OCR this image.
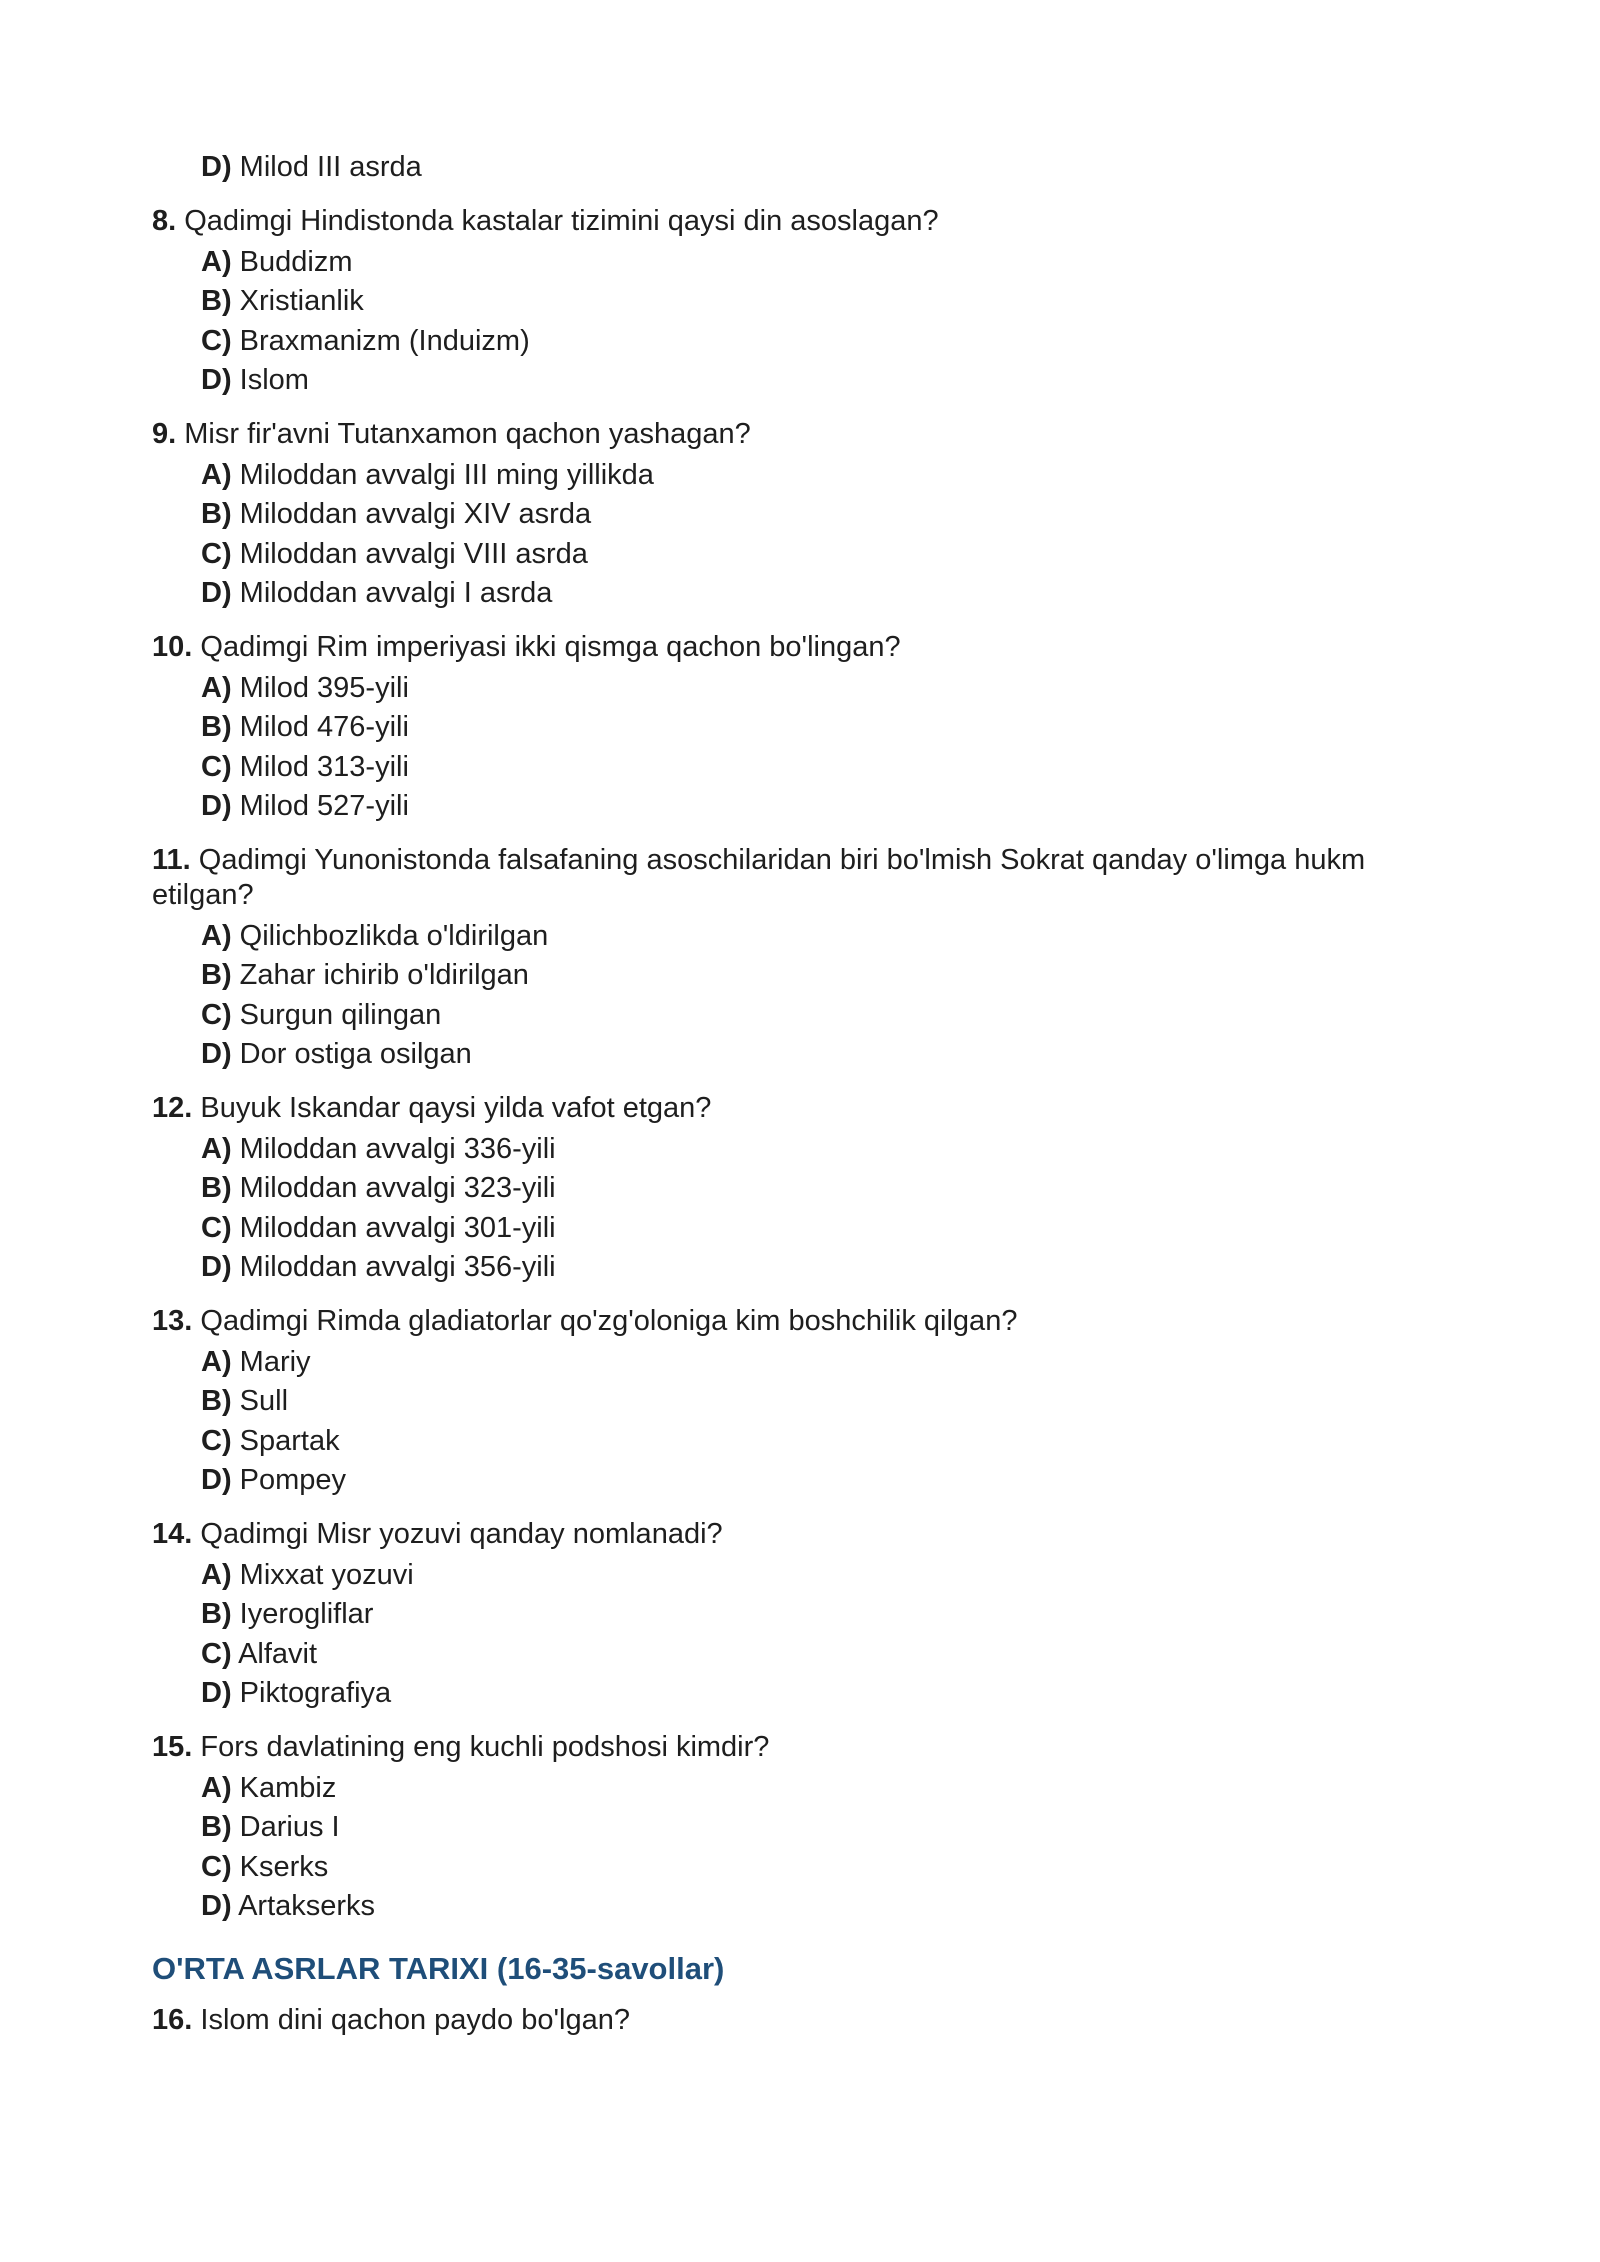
D) Milod III asrda
8. Qadimgi Hindistonda kastalar tizimini qaysi din asoslagan?
A) Buddizm
B) Xristianlik
C) Braxmanizm (Induizm)
D) Islom
9. Misr fir'avni Tutanxamon qachon yashagan?
A) Miloddan avvalgi III ming yillikda
B) Miloddan avvalgi XIV asrda
C) Miloddan avvalgi VIII asrda
D) Miloddan avvalgi I asrda
10. Qadimgi Rim imperiyasi ikki qismga qachon bo'lingan?
A) Milod 395-yili
B) Milod 476-yili
C) Milod 313-yili
D) Milod 527-yili
11. Qadimgi Yunonistonda falsafaning asoschilaridan biri bo'lmish Sokrat qanday o'limga hukm etilgan?
A) Qilichbozlikda o'ldirilgan
B) Zahar ichirib o'ldirilgan
C) Surgun qilingan
D) Dor ostiga osilgan
12. Buyuk Iskandar qaysi yilda vafot etgan?
A) Miloddan avvalgi 336-yili
B) Miloddan avvalgi 323-yili
C) Miloddan avvalgi 301-yili
D) Miloddan avvalgi 356-yili
13. Qadimgi Rimda gladiatorlar qo'zg'oloniga kim boshchilik qilgan?
A) Mariy
B) Sull
C) Spartak
D) Pompey
14. Qadimgi Misr yozuvi qanday nomlanadi?
A) Mixxat yozuvi
B) Iyerogliflar
C) Alfavit
D) Piktografiya
15. Fors davlatining eng kuchli podshosi kimdir?
A) Kambiz
B) Darius I
C) Kserks
D) Artakserks
O'RTA ASRLAR TARIXI (16-35-savollar)
16. Islom dini qachon paydo bo'lgan?
